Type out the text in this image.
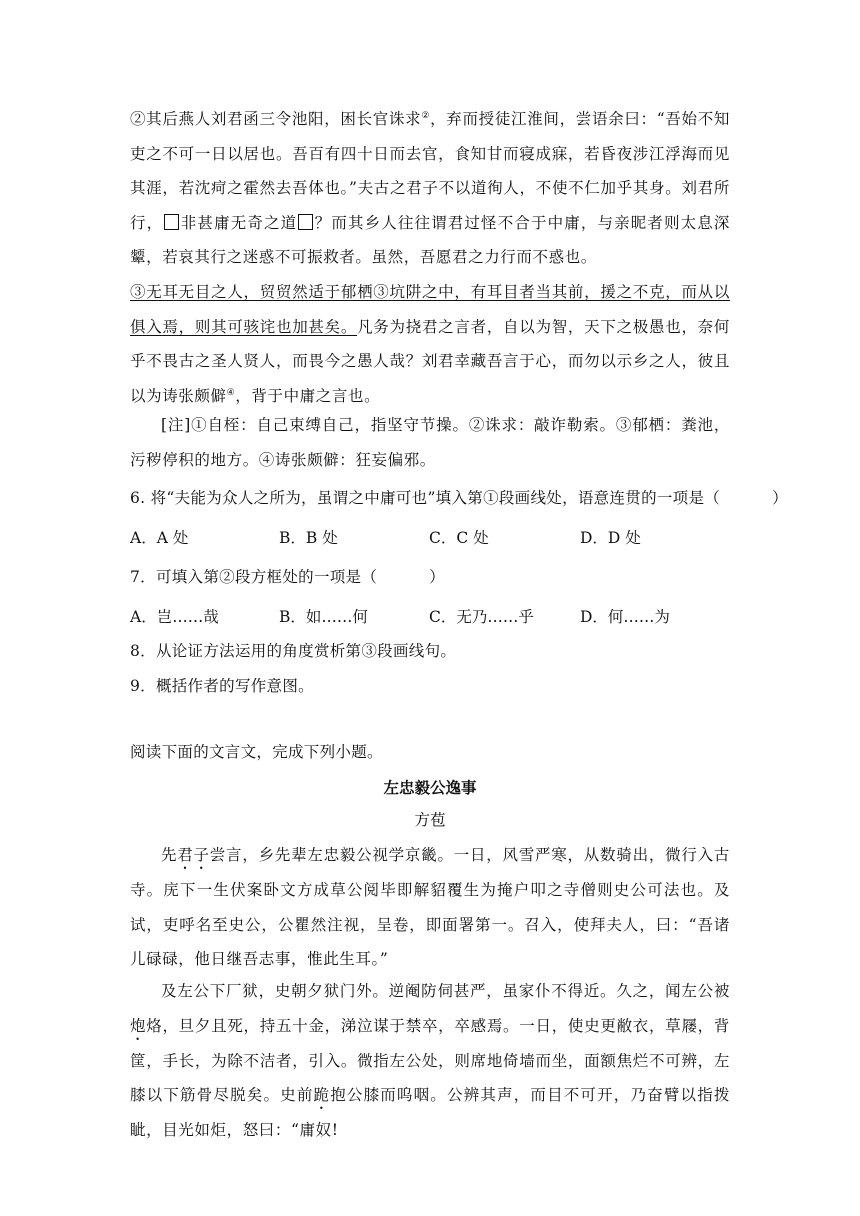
②其后燕人刘君函三令池阳，困长官诛求②，弃而授徒江淮间，尝语余曰：“吾始不知吏之不可一日以居也。吾百有四十日而去官，食知甘而寝成寐，若昏夜涉江浮海而见其涯，若沈疴之霍然去吾体也。”夫古之君子不以道徇人，不使不仁加乎其身。刘君所行， 非甚庸无奇之道 ？而其乡人往往谓君过怪不合于中庸，与亲昵者则太息深颦，若哀其行之迷惑不可振救者。虽然，吾愿君之力行而不惑也。

③无耳无目之人，贸贸然适于郁栖③坑阱之中，有耳目者当其前，援之不克，而从以俱入焉，则其可骇诧也加甚矣。凡务为挠君之言者，自以为智，天下之极愚也，奈何乎不畏古之圣人贤人，而畏今之愚人哉？刘君幸藏吾言于心，而勿以示乡之人，彼且以为诪张颇僻④，背于中庸之言也。

[注]①自桎：自己束缚自己，指坚守节操。②诛求：敲诈勒索。③郁栖：粪池，污秽停积的地方。④诪张颇僻：狂妄偏邪。

6. 将“夫能为众人之所为，虽谓之中庸可也”填入第①段画线处，语意连贯的一项是（	）

A．A 处	B．B 处	C．C 处	D．D 处

7．可填入第②段方框处的一项是（	）

A．岂……哉	B．如……何	C．无乃……乎	D．何……为

8．从论证方法运用的角度赏析第③段画线句。

9．概括作者的写作意图。

阅读下面的文言文，完成下列小题。

左忠毅公逸事

方苞

先君子尝言，乡先辈左忠毅公视学京畿。一日，风雪严寒，从数骑出，微行入古寺。庑下一生伏案卧文方成草公阅毕即解貂覆生为掩户叩之寺僧则史公可法也。及试，吏呼名至史公，公瞿然注视，呈卷，即面署第一。召入，使拜夫人，曰：“吾诸儿碌碌，他日继吾志事，惟此生耳。”

及左公下厂狱，史朝夕狱门外。逆阉防伺甚严，虽家仆不得近。久之，闻左公被炮烙，旦夕且死，持五十金，涕泣谋于禁卒，卒感焉。一日，使史更敝衣，草屦，背筐，手长，为除不洁者，引入。微指左公处，则席地倚墙而坐，面额焦烂不可辨，左膝以下筋骨尽脱矣。史前跪抱公膝而呜咽。公辨其声，而目不可开，乃奋臂以指拨眦，目光如炬，怒曰：“庸奴!
